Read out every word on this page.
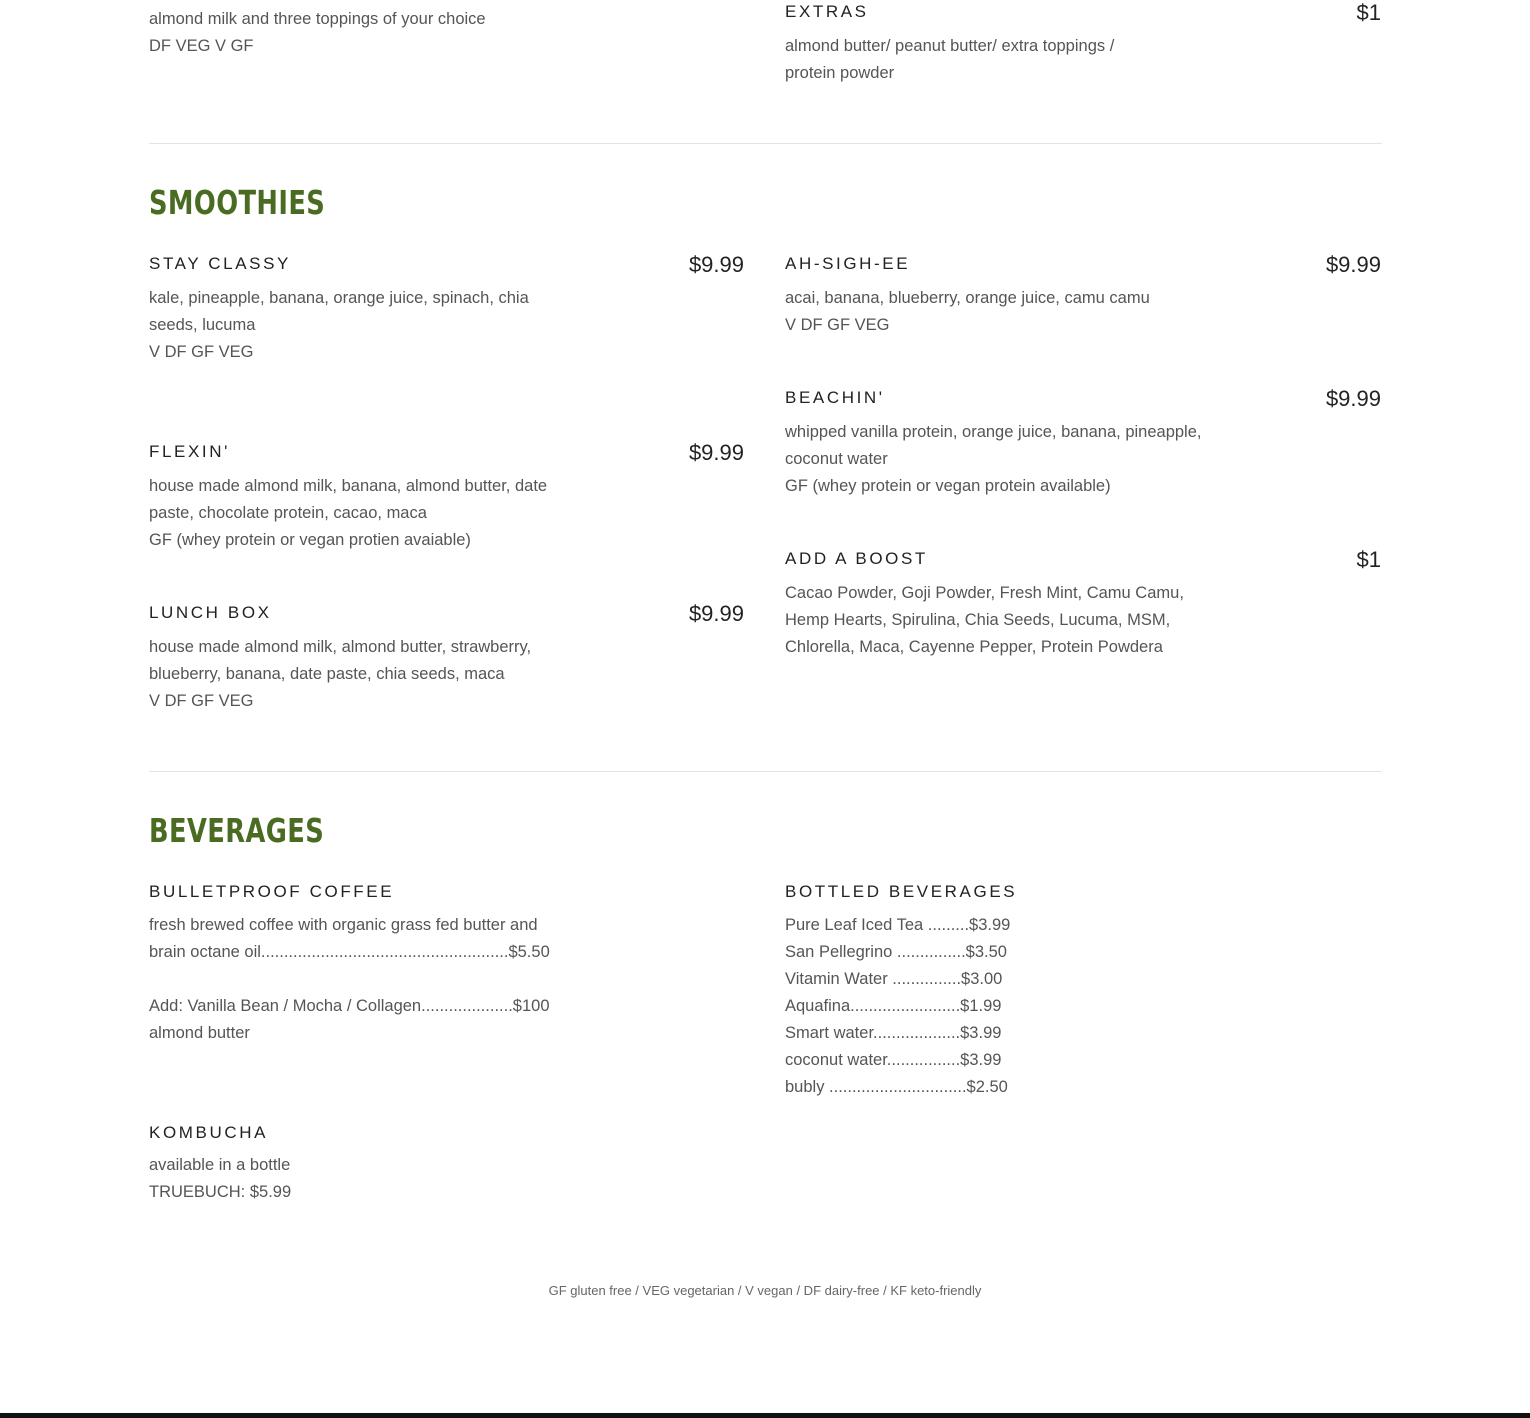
almond milk and three toppings of your choice
DF VEG V GF
EXTRAS	$1
almond butter/ peanut butter/ extra toppings /
protein powder
SMOOTHIES
STAY CLASSY	$9.99
kale, pineapple, banana, orange juice, spinach, chia
seeds, lucuma
V DF GF VEG
FLEXIN'	$9.99
house made almond milk, banana, almond butter, date
paste, chocolate protein, cacao, maca
GF (whey protein or vegan protien avaiable)
LUNCH BOX	$9.99
house made almond milk, almond butter, strawberry,
blueberry, banana, date paste, chia seeds, maca
V DF GF VEG
AH-SIGH-EE	$9.99
acai, banana, blueberry, orange juice, camu camu
V DF GF VEG
BEACHIN'	$9.99
whipped vanilla protein, orange juice, banana, pineapple,
coconut water
GF (whey protein or vegan protein available)
ADD A BOOST	$1
Cacao Powder, Goji Powder, Fresh Mint, Camu Camu,
Hemp Hearts, Spirulina, Chia Seeds, Lucuma, MSM,
Chlorella, Maca, Cayenne Pepper, Protein Powdera
BEVERAGES
BULLETPROOF COFFEE
fresh brewed coffee with organic grass fed butter and
brain octane oil......................................................$5.50
Add: Vanilla Bean / Mocha / Collagen....................$100
almond butter
KOMBUCHA
available in a bottle
TRUEBUCH: $5.99
BOTTLED BEVERAGES
Pure Leaf Iced Tea .........$3.99
San Pellegrino ...............$3.50
Vitamin Water ...............$3.00
Aquafina........................$1.99
Smart water...................$3.99
coconut water................$3.99
bubly ..............................$2.50
GF gluten free / VEG vegetarian / V vegan / DF dairy-free / KF keto-friendly
